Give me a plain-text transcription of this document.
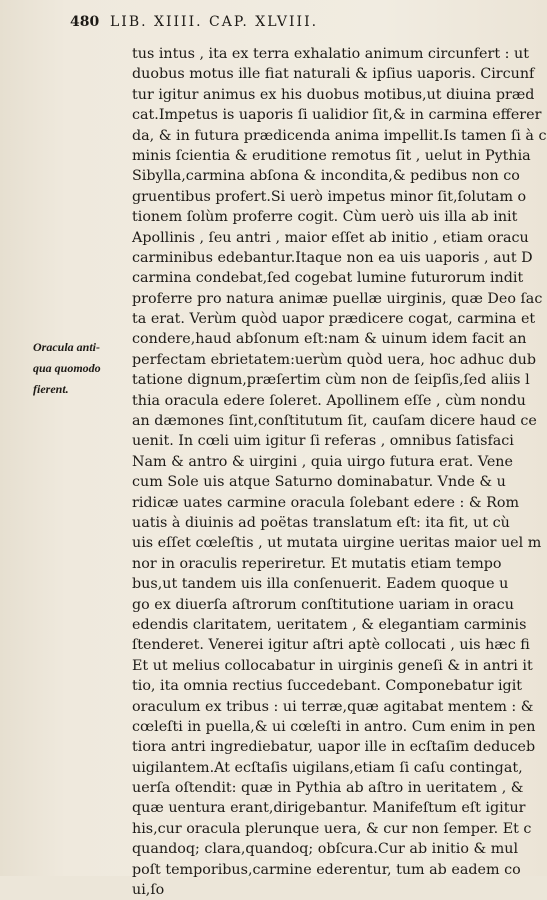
480 LIB. XIIII. CAP. XLVIII.
Oracula anti-
qua quomodo
fierent.
tus intus , ita ex terra exhalatio animum circunfert : ut
duobus motus ille fiat naturali & ipſius uaporis. Circunf
tur igitur animus ex his duobus motibus,ut diuina præd
cat.Impetus is uaporis ſi ualidior ſit,& in carmina efferer
da, & in futura prædicenda anima impellit.Is tamen ſi à c
minis ſcientia & eruditione remotus ſit , uelut in Pythia
Sibylla,carmina abſona & incondita,& pedibus non co
gruentibus profert.Si uerò impetus minor ſit,ſolutam o
tionem ſolùm proferre cogit. Cùm uerò uis illa ab init
Apollinis , ſeu antri , maior eſſet ab initio , etiam oracu
carminibus edebantur.Itaque non ea uis uaporis , aut D
carmina condebat,ſed cogebat lumine futurorum indit
proferre pro natura animæ puellæ uirginis, quæ Deo ſac
ta erat. Verùm quòd uapor prædicere cogat, carmina et
condere,haud abſonum eſt:nam & uinum idem facit an
perfectam ebrietatem:uerùm quòd uera, hoc adhuc dub
tatione dignum,præſertim cùm non de ſeipſis,ſed aliis l
thia oracula edere ſoleret. Apollinem eſſe , cùm nondu
an dæmones ſint,conſtitutum ſit, cauſam dicere haud ce
uenit. In cœli uim igitur ſi referas , omnibus ſatisfaci
Nam & antro & uirgini , quia uirgo futura erat. Vene
cum Sole uis atque Saturno dominabatur. Vnde & u
ridicæ uates carmine oracula ſolebant edere : & Rom
uatis à diuinis ad poëtas translatum eſt: ita fit, ut cù
uis eſſet cœleſtis , ut mutata uirgine ueritas maior uel m
nor in oraculis reperiretur. Et mutatis etiam tempo
bus,ut tandem uis illa conſenuerit. Eadem quoque u
go ex diuerſa aſtrorum conſtitutione uariam in oracu
edendis claritatem, ueritatem , & elegantiam carminis
ſtenderet. Venerei igitur aſtri aptè collocati , uis hæc fi
Et ut melius collocabatur in uirginis geneſi & in antri it
tio, ita omnia rectius ſuccedebant. Componebatur igit
oraculum ex tribus : ui terræ,quæ agitabat mentem : &
cœleſti in puella,& ui cœleſti in antro. Cum enim in pen
tiora antri ingrediebatur, uapor ille in ecſtaſim deduceb
uigilantem.At ecſtaſis uigilans,etiam ſi caſu contingat,
uerſa oſtendit: quæ in Pythia ab aſtro in ueritatem , &
quæ uentura erant,dirigebantur. Manifeſtum eſt igitur
his,cur oracula plerunque uera, & cur non ſemper. Et c
quandoq; clara,quandoq; obſcura.Cur ab initio & mul
poſt temporibus,carmine ederentur, tum ab eadem co
ui,ſo
